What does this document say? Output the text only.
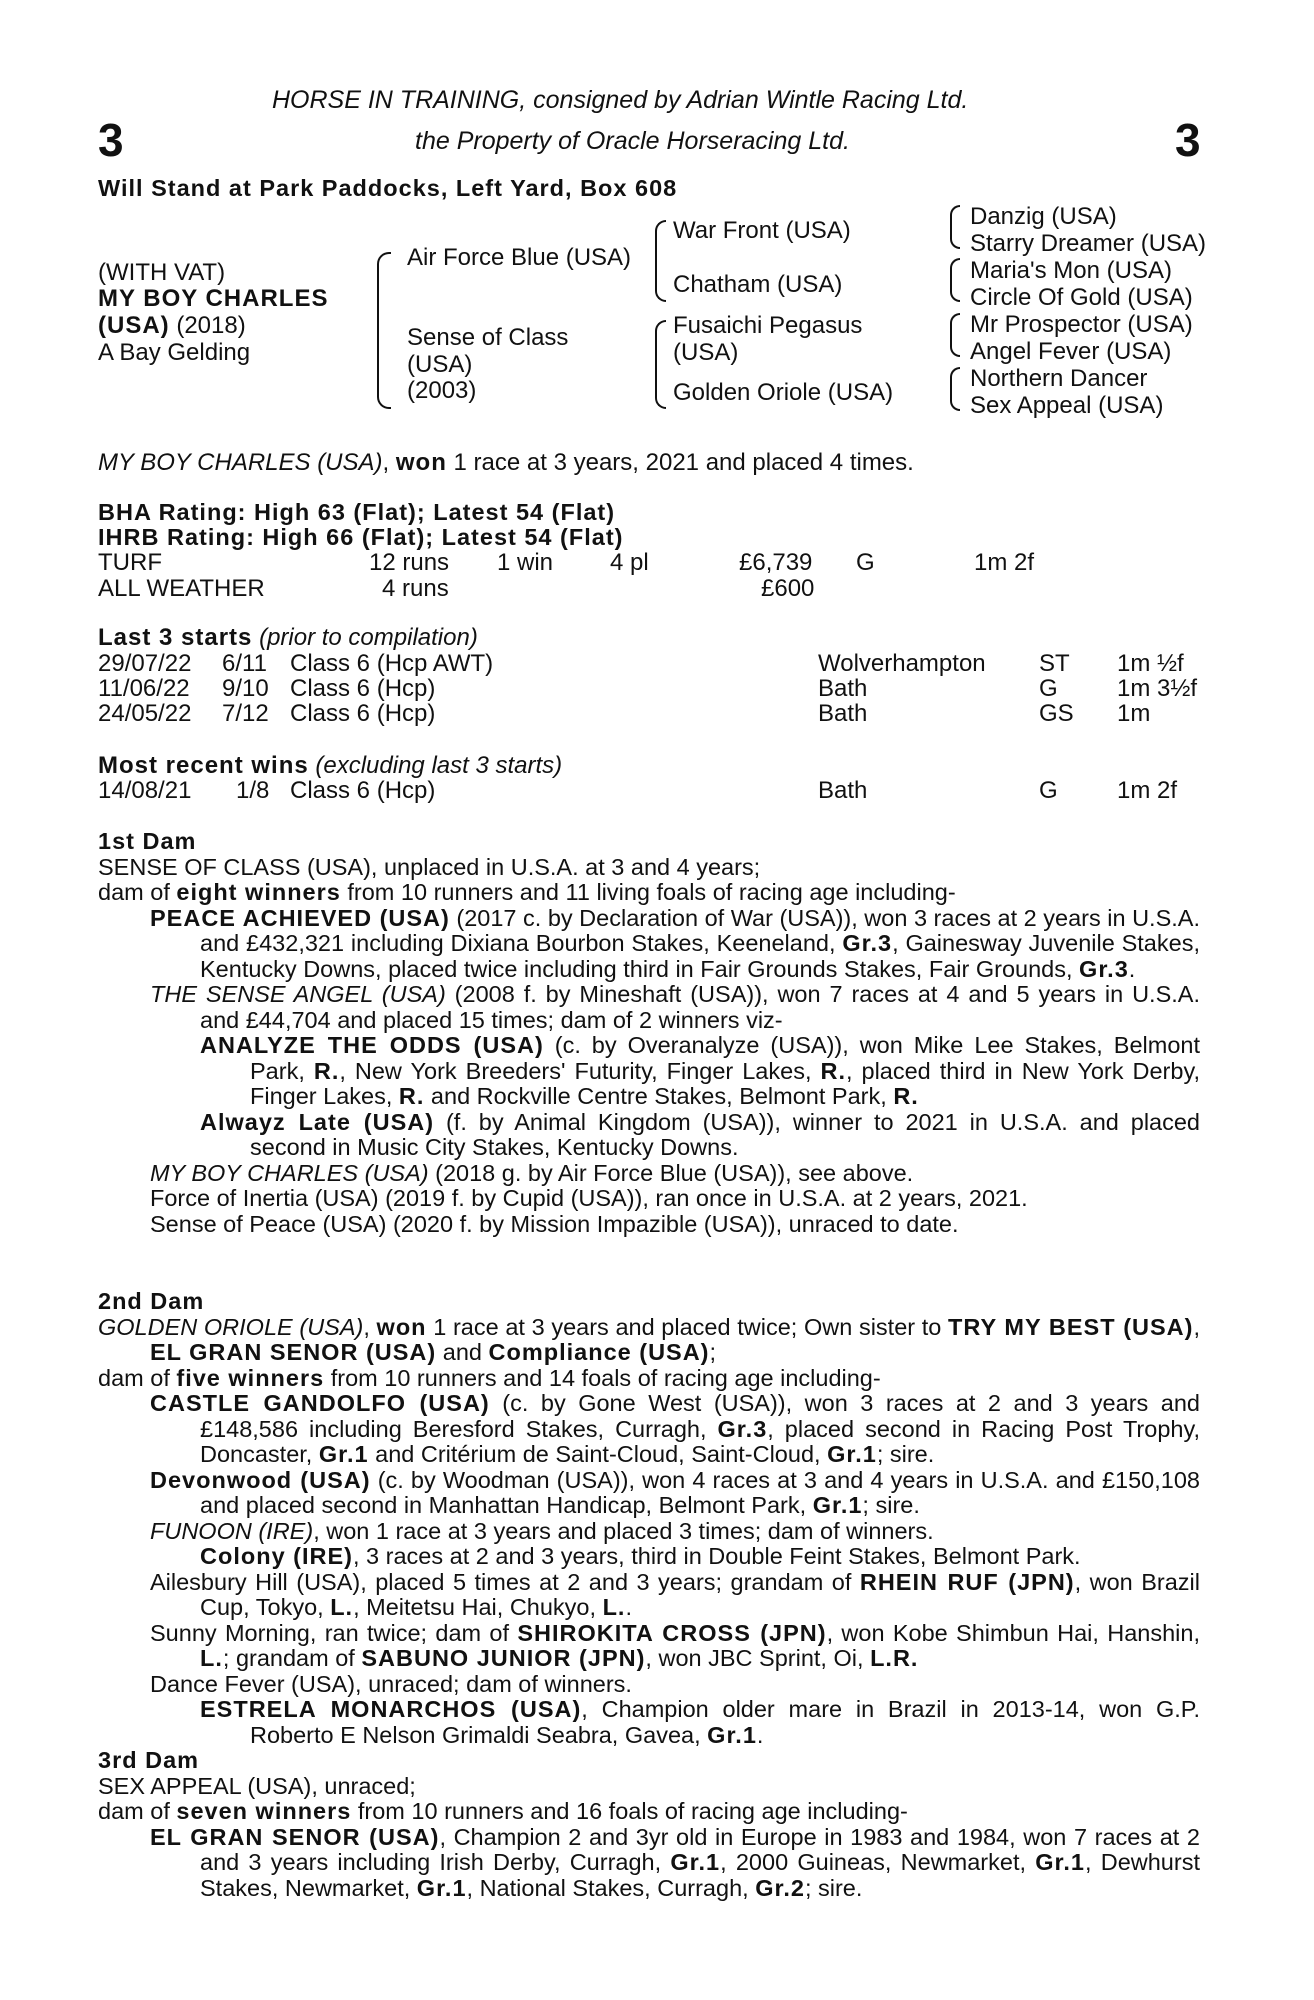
3	3
HORSE IN TRAINING, consigned by Adrian Wintle Racing Ltd.
the Property of Oracle Horseracing Ltd.
Will Stand at Park Paddocks, Left Yard, Box 608
(WITH VAT)
MY BOY CHARLES
(USA) (2018)
A Bay Gelding
Air Force Blue (USA)
Sense of Class
(USA)
(2003)
War Front (USA)
Chatham (USA)
Fusaichi Pegasus
(USA)
Golden Oriole (USA)
Danzig (USA)
Starry Dreamer (USA)
Maria's Mon (USA)
Circle Of Gold (USA)
Mr Prospector (USA)
Angel Fever (USA)
Northern Dancer
Sex Appeal (USA)
MY BOY CHARLES (USA), won 1 race at 3 years, 2021 and placed 4 times.
BHA Rating: High 63 (Flat); Latest 54 (Flat)
IHRB Rating: High 66 (Flat); Latest 54 (Flat)
TURF	12 runs 1 win 4 pl	£6,739 G	1m 2f
ALL WEATHER	4 runs	£600
Last 3 starts (prior to compilation)
29/07/22 6/11 Class 6 (Hcp AWT)	Wolverhampton ST 1m ½f
11/06/22 9/10 Class 6 (Hcp)	Bath	G 1m 3½f
24/05/22 7/12 Class 6 (Hcp)	Bath	GS 1m
Most recent wins (excluding last 3 starts)
14/08/21 1/8 Class 6 (Hcp)	Bath	G 1m 2f

1st Dam

SENSE OF CLASS (USA), unplaced in U.S.A. at 3 and 4 years;

dam of eight winners from 10 runners and 11 living foals of racing age including-

PEACE ACHIEVED (USA) (2017 c. by Declaration of War (USA)), won 3 races at 2 years in U.S.A. and £432,321 including Dixiana Bourbon Stakes, Keeneland, Gr.3, Gainesway Juvenile Stakes, Kentucky Downs, placed twice including third in Fair Grounds Stakes, Fair Grounds, Gr.3.

THE SENSE ANGEL (USA) (2008 f. by Mineshaft (USA)), won 7 races at 4 and 5 years in U.S.A. and £44,704 and placed 15 times; dam of 2 winners viz-

ANALYZE THE ODDS (USA) (c. by Overanalyze (USA)), won Mike Lee Stakes, Belmont Park, R., New York Breeders' Futurity, Finger Lakes, R., placed third in New York Derby, Finger Lakes, R. and Rockville Centre Stakes, Belmont Park, R.

Alwayz Late (USA) (f. by Animal Kingdom (USA)), winner to 2021 in U.S.A. and placed second in Music City Stakes, Kentucky Downs.

MY BOY CHARLES (USA) (2018 g. by Air Force Blue (USA)), see above.

Force of Inertia (USA) (2019 f. by Cupid (USA)), ran once in U.S.A. at 2 years, 2021.

Sense of Peace (USA) (2020 f. by Mission Impazible (USA)), unraced to date.

2nd Dam

GOLDEN ORIOLE (USA), won 1 race at 3 years and placed twice; Own sister to TRY MY BEST (USA), EL GRAN SENOR (USA) and Compliance (USA);

dam of five winners from 10 runners and 14 foals of racing age including-

CASTLE GANDOLFO (USA) (c. by Gone West (USA)), won 3 races at 2 and 3 years and £148,586 including Beresford Stakes, Curragh, Gr.3, placed second in Racing Post Trophy, Doncaster, Gr.1 and Critérium de Saint-Cloud, Saint-Cloud, Gr.1; sire.

Devonwood (USA) (c. by Woodman (USA)), won 4 races at 3 and 4 years in U.S.A. and £150,108 and placed second in Manhattan Handicap, Belmont Park, Gr.1; sire.

FUNOON (IRE), won 1 race at 3 years and placed 3 times; dam of winners.

Colony (IRE), 3 races at 2 and 3 years, third in Double Feint Stakes, Belmont Park.

Ailesbury Hill (USA), placed 5 times at 2 and 3 years; grandam of RHEIN RUF (JPN), won Brazil Cup, Tokyo, L., Meitetsu Hai, Chukyo, L..

Sunny Morning, ran twice; dam of SHIROKITA CROSS (JPN), won Kobe Shimbun Hai, Hanshin, L.; grandam of SABUNO JUNIOR (JPN), won JBC Sprint, Oi, L.R.

Dance Fever (USA), unraced; dam of winners.

ESTRELA MONARCHOS (USA), Champion older mare in Brazil in 2013-14, won G.P. Roberto E Nelson Grimaldi Seabra, Gavea, Gr.1.

3rd Dam

SEX APPEAL (USA), unraced;

dam of seven winners from 10 runners and 16 foals of racing age including-

EL GRAN SENOR (USA), Champion 2 and 3yr old in Europe in 1983 and 1984, won 7 races at 2 and 3 years including Irish Derby, Curragh, Gr.1, 2000 Guineas, Newmarket, Gr.1, Dewhurst Stakes, Newmarket, Gr.1, National Stakes, Curragh, Gr.2; sire.
